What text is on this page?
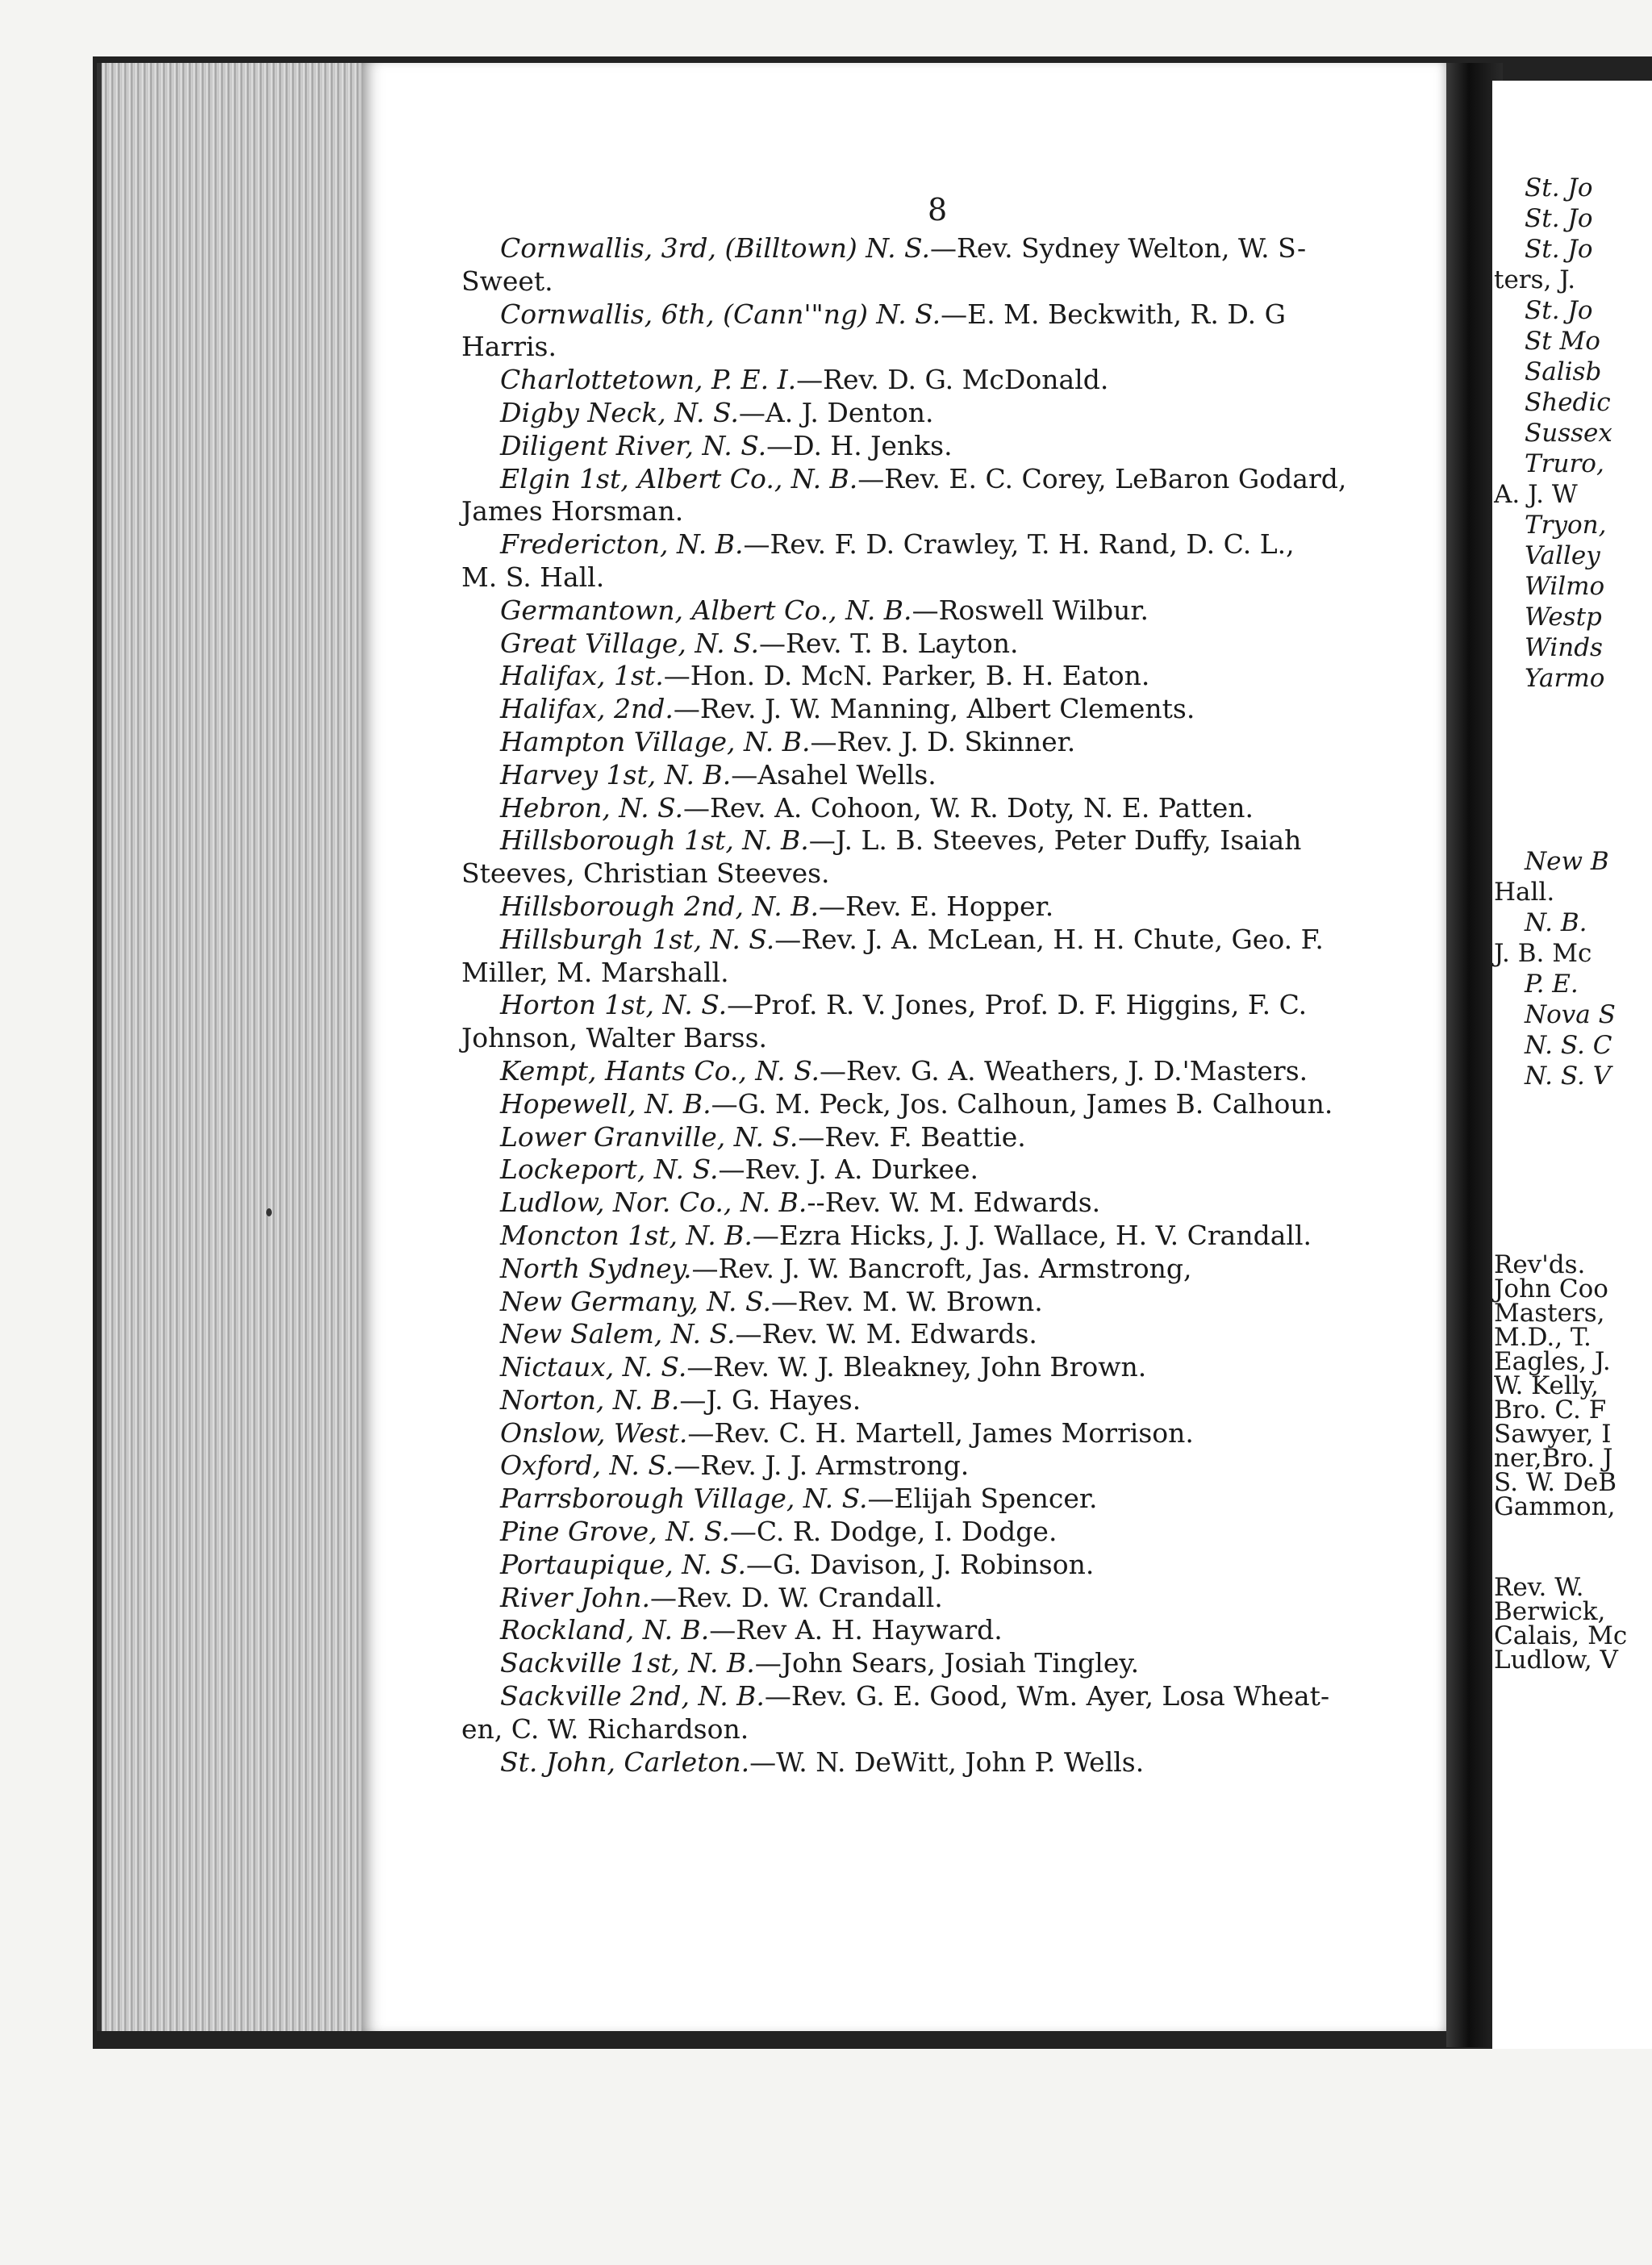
St. Jo
St. Jo
St. Jo
ters, J.
St. Jo
St Mo
Salisb
Shedic
Sussex
Truro,
A. J. W
Tryon,
Valley
Wilmo
Westp
Winds
Yarmo
New B
Hall.
N. B.
J. B. Mc
P. E.
Nova S
N. S. C
N. S. V
Rev'ds.
John Coo
Masters,
M.D., T.
Eagles, J.
W. Kelly,
Bro. C. F
Sawyer, I
ner,Bro. J
S. W. DeB
Gammon,
Rev. W.
Berwick,
Calais, Mc
Ludlow, V
8
Cornwallis, 3rd, (Billtown) N. S.—Rev. Sydney Welton, W. S-
Sweet.
Cornwallis, 6th, (Cann'"ng) N. S.—E. M. Beckwith, R. D. G
Harris.
Charlottetown, P. E. I.—Rev. D. G. McDonald.
Digby Neck, N. S.—A. J. Denton.
Diligent River, N. S.—D. H. Jenks.
Elgin 1st, Albert Co., N. B.—Rev. E. C. Corey, LeBaron Godard,
James Horsman.
Fredericton, N. B.—Rev. F. D. Crawley, T. H. Rand, D. C. L.,
M. S. Hall.
Germantown, Albert Co., N. B.—Roswell Wilbur.
Great Village, N. S.—Rev. T. B. Layton.
Halifax, 1st.—Hon. D. McN. Parker, B. H. Eaton.
Halifax, 2nd.—Rev. J. W. Manning, Albert Clements.
Hampton Village, N. B.—Rev. J. D. Skinner.
Harvey 1st, N. B.—Asahel Wells.
Hebron, N. S.—Rev. A. Cohoon, W. R. Doty, N. E. Patten.
Hillsborough 1st, N. B.—J. L. B. Steeves, Peter Duffy, Isaiah
Steeves, Christian Steeves.
Hillsborough 2nd, N. B.—Rev. E. Hopper.
Hillsburgh 1st, N. S.—Rev. J. A. McLean, H. H. Chute, Geo. F.
Miller, M. Marshall.
Horton 1st, N. S.—Prof. R. V. Jones, Prof. D. F. Higgins, F. C.
Johnson, Walter Barss.
Kempt, Hants Co., N. S.—Rev. G. A. Weathers, J. D.'Masters.
Hopewell, N. B.—G. M. Peck, Jos. Calhoun, James B. Calhoun.
Lower Granville, N. S.—Rev. F. Beattie.
Lockeport, N. S.—Rev. J. A. Durkee.
Ludlow, Nor. Co., N. B.--Rev. W. M. Edwards.
Moncton 1st, N. B.—Ezra Hicks, J. J. Wallace, H. V. Crandall.
North Sydney.—Rev. J. W. Bancroft, Jas. Armstrong,
New Germany, N. S.—Rev. M. W. Brown.
New Salem, N. S.—Rev. W. M. Edwards.
Nictaux, N. S.—Rev. W. J. Bleakney, John Brown.
Norton, N. B.—J. G. Hayes.
Onslow, West.—Rev. C. H. Martell, James Morrison.
Oxford, N. S.—Rev. J. J. Armstrong.
Parrsborough Village, N. S.—Elijah Spencer.
Pine Grove, N. S.—C. R. Dodge, I. Dodge.
Portaupique, N. S.—G. Davison, J. Robinson.
River John.—Rev. D. W. Crandall.
Rockland, N. B.—Rev A. H. Hayward.
Sackville 1st, N. B.—John Sears, Josiah Tingley.
Sackville 2nd, N. B.—Rev. G. E. Good, Wm. Ayer, Losa Wheat-
en, C. W. Richardson.
St. John, Carleton.—W. N. DeWitt, John P. Wells.
